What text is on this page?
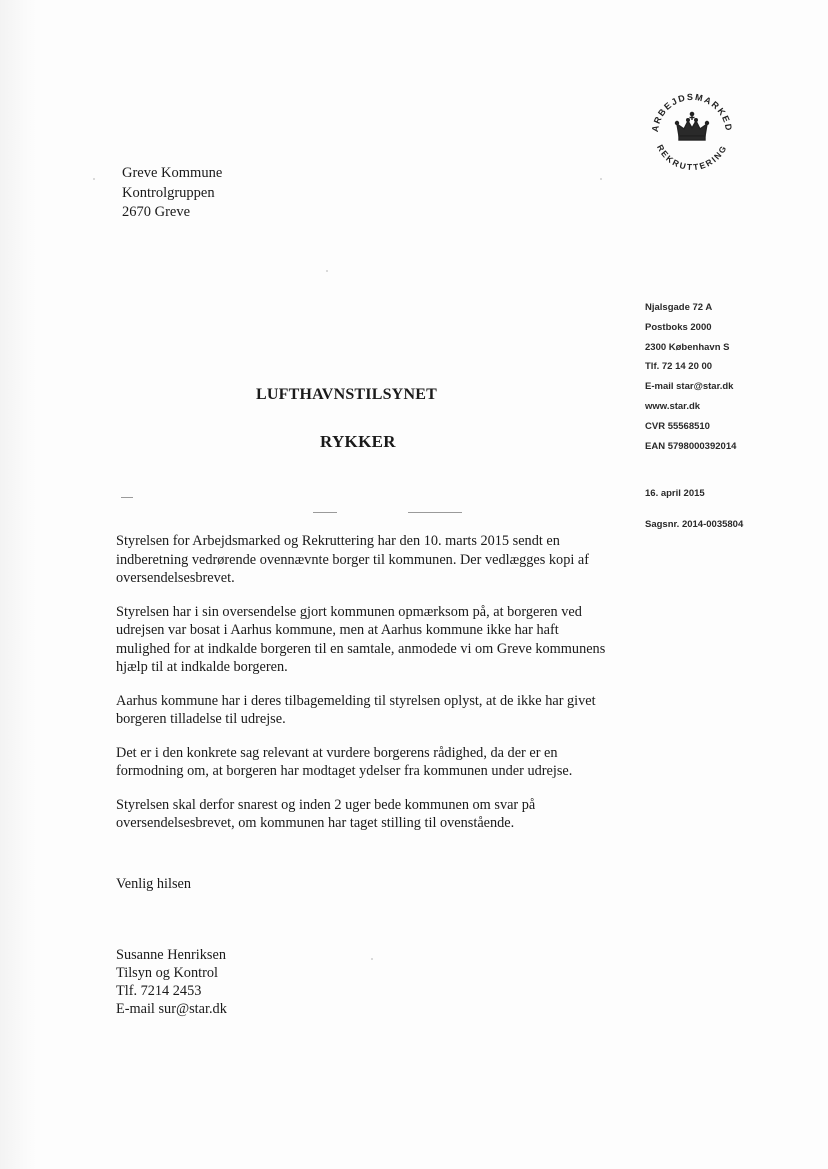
Greve Kommune
Kontrolgruppen
2670 Greve
ARBEJDSMARKED
REKRUTTERING
Njalsgade 72 A
Postboks 2000
2300 København S
Tlf. 72 14 20 00
E-mail star@star.dk
www.star.dk
CVR 55568510
EAN 5798000392014
16. april 2015
Sagsnr. 2014-0035804
LUFTHAVNSTILSYNET
RYKKER

Styrelsen for Arbejdsmarked og Rekruttering har den 10. marts 2015 sendt en indberetning vedrørende ovennævnte borger til kommunen. Der vedlægges kopi af oversendelsesbrevet.

Styrelsen har i sin oversendelse gjort kommunen opmærksom på, at borgeren ved udrejsen var bosat i Aarhus kommune, men at Aarhus kommune ikke har haft mulighed for at indkalde borgeren til en samtale, anmodede vi om Greve kommunens hjælp til at indkalde borgeren.

Aarhus kommune har i deres tilbagemelding til styrelsen oplyst, at de ikke har givet borgeren tilladelse til udrejse.

Det er i den konkrete sag relevant at vurdere borgerens rådighed, da der er en formodning om, at borgeren har modtaget ydelser fra kommunen under udrejse.

Styrelsen skal derfor snarest og inden 2 uger bede kommunen om svar på oversendelsesbrevet, om kommunen har taget stilling til ovenstående.

Venlig hilsen
Susanne Henriksen
Tilsyn og Kontrol
Tlf. 7214 2453
E-mail sur@star.dk
